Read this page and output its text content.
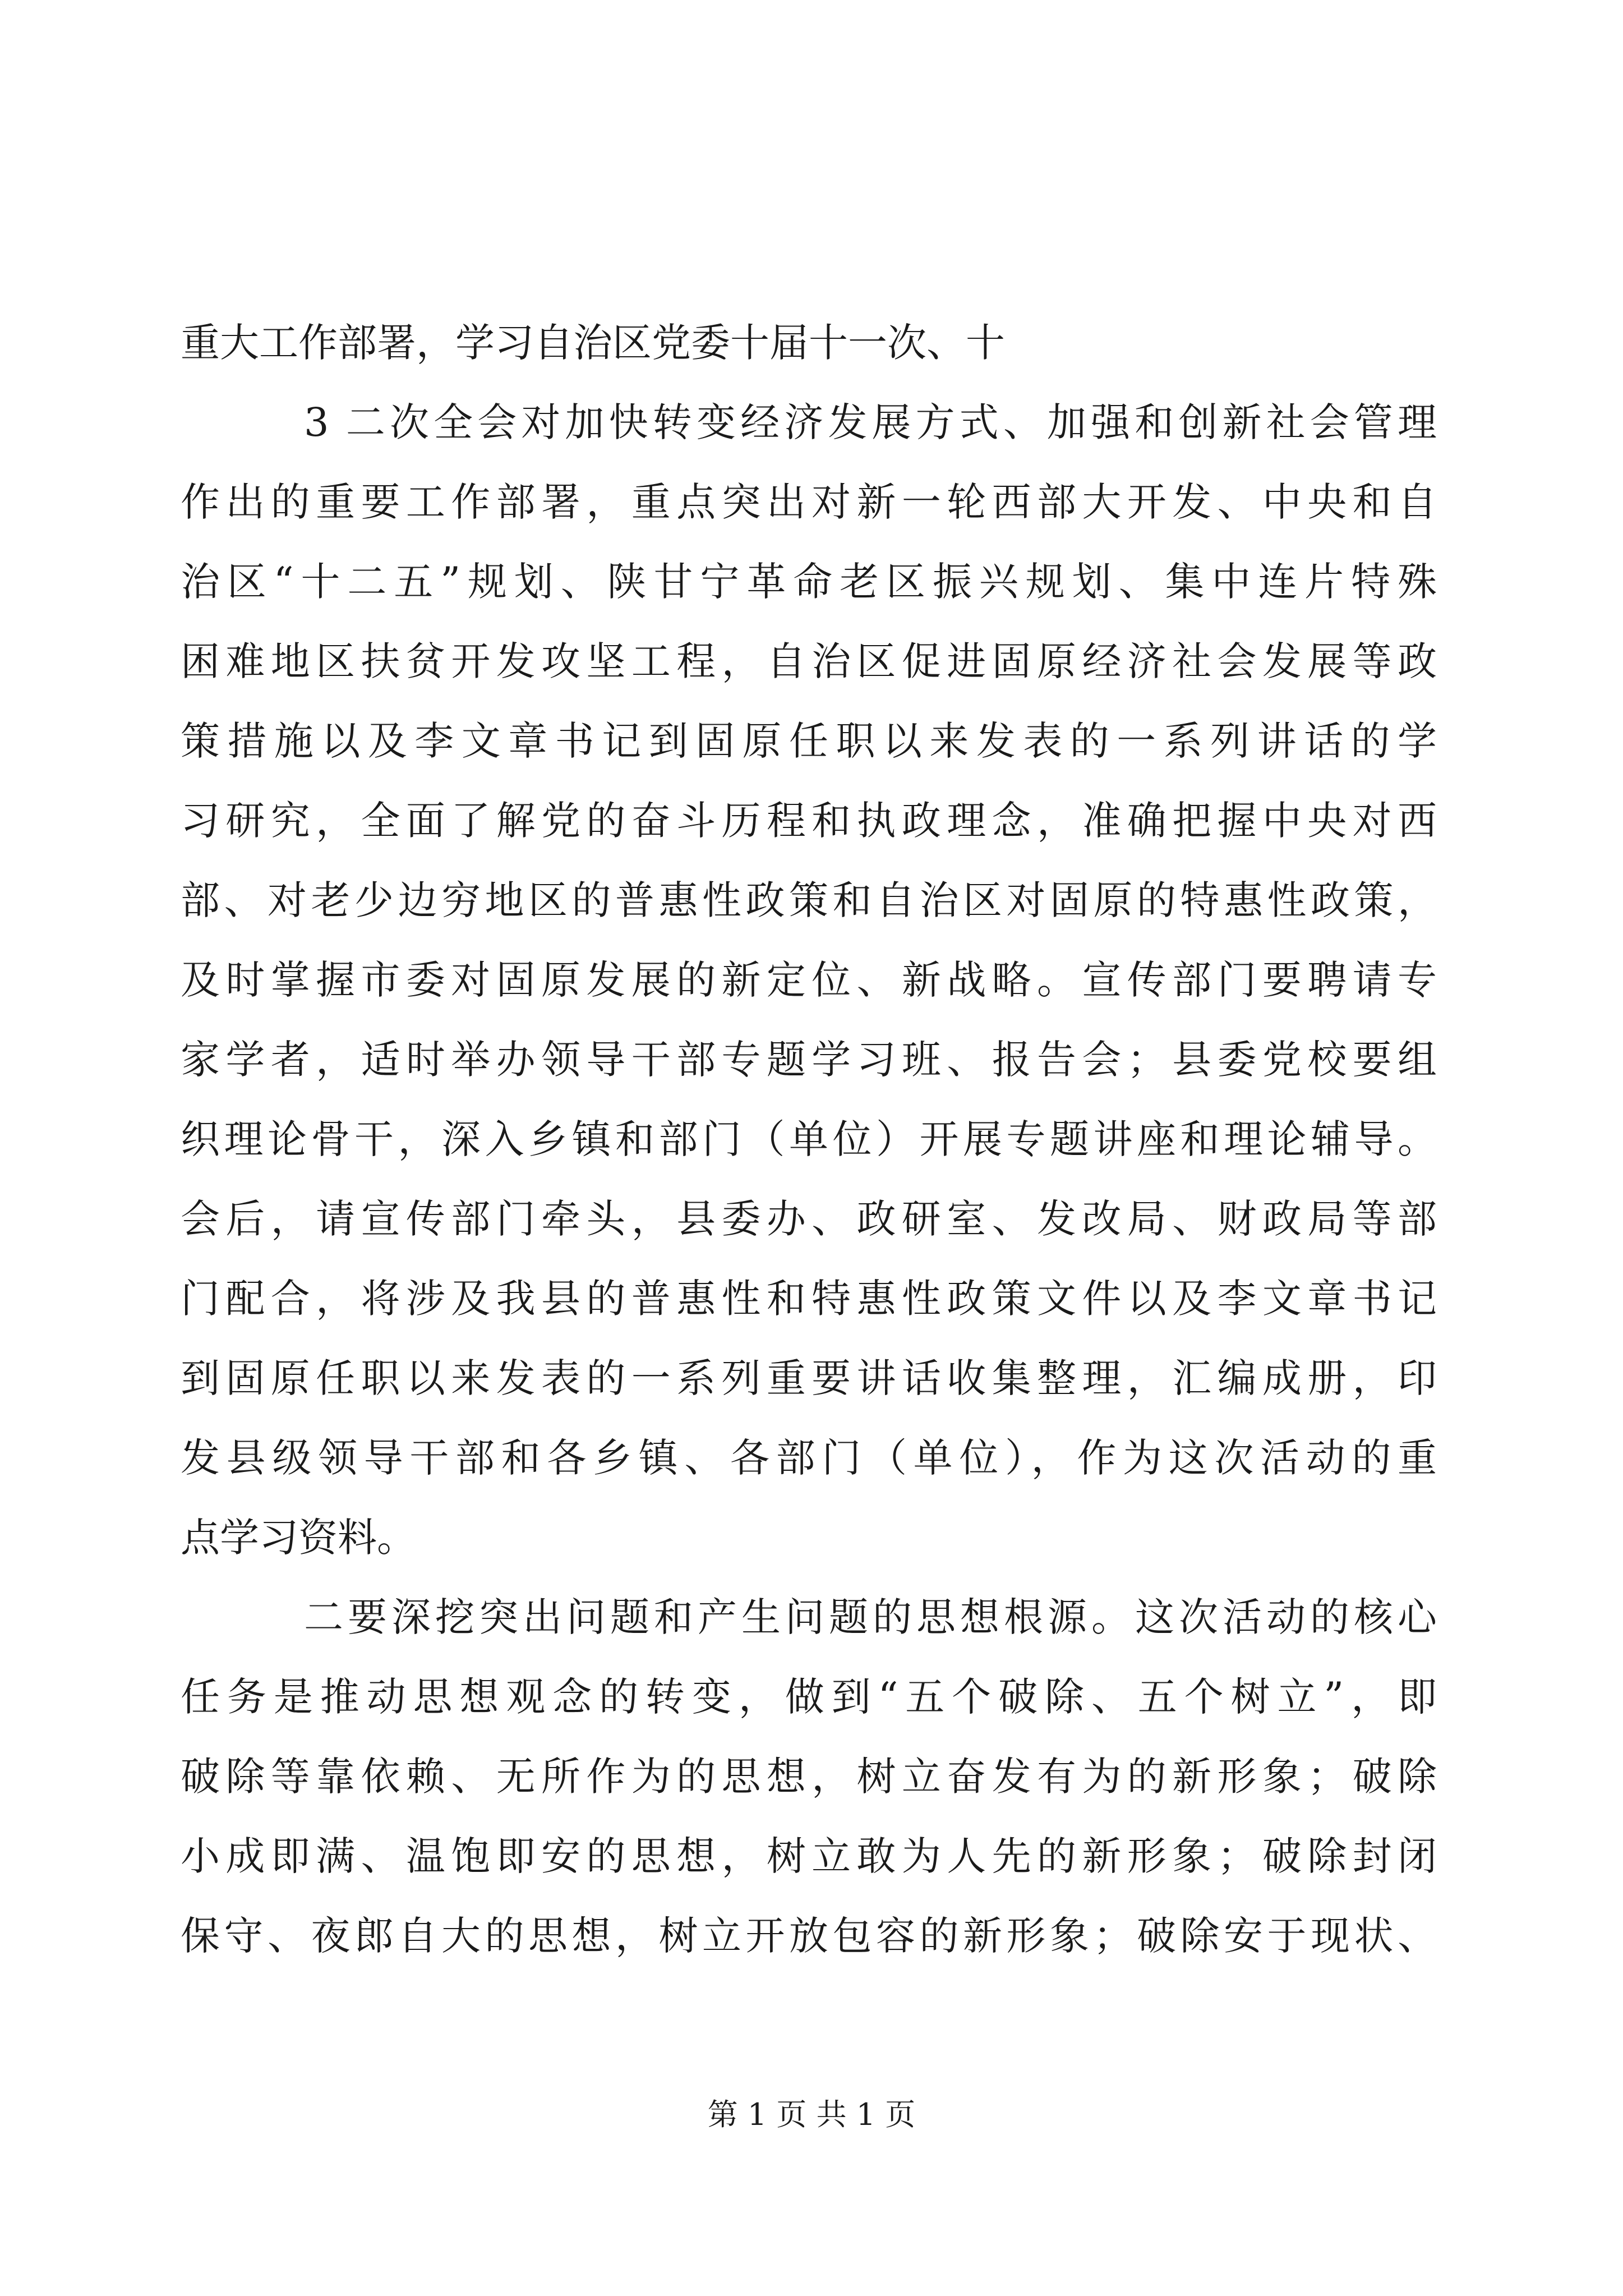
重大工作部署，学习自治区党委十届十一次、十
3 二次全会对加快转变经济发展方式、加强和创新社会管理
作出的重要工作部署，重点突出对新一轮西部大开发、中央和自
治区“十二五”规划、陕甘宁革命老区振兴规划、集中连片特殊
困难地区扶贫开发攻坚工程，自治区促进固原经济社会发展等政
策措施以及李文章书记到固原任职以来发表的一系列讲话的学
习研究，全面了解党的奋斗历程和执政理念，准确把握中央对西
部、对老少边穷地区的普惠性政策和自治区对固原的特惠性政策，
及时掌握市委对固原发展的新定位、新战略。宣传部门要聘请专
家学者，适时举办领导干部专题学习班、报告会；县委党校要组
织理论骨干，深入乡镇和部门（单位）开展专题讲座和理论辅导。
会后，请宣传部门牵头，县委办、政研室、发改局、财政局等部
门配合，将涉及我县的普惠性和特惠性政策文件以及李文章书记
到固原任职以来发表的一系列重要讲话收集整理，汇编成册，印
发县级领导干部和各乡镇、各部门（单位），作为这次活动的重
点学习资料。
二要深挖突出问题和产生问题的思想根源。这次活动的核心
任务是推动思想观念的转变，做到“五个破除、五个树立”，即
破除等靠依赖、无所作为的思想，树立奋发有为的新形象；破除
小成即满、温饱即安的思想，树立敢为人先的新形象；破除封闭
保守、夜郎自大的思想，树立开放包容的新形象；破除安于现状、
第 1 页 共 1 页
